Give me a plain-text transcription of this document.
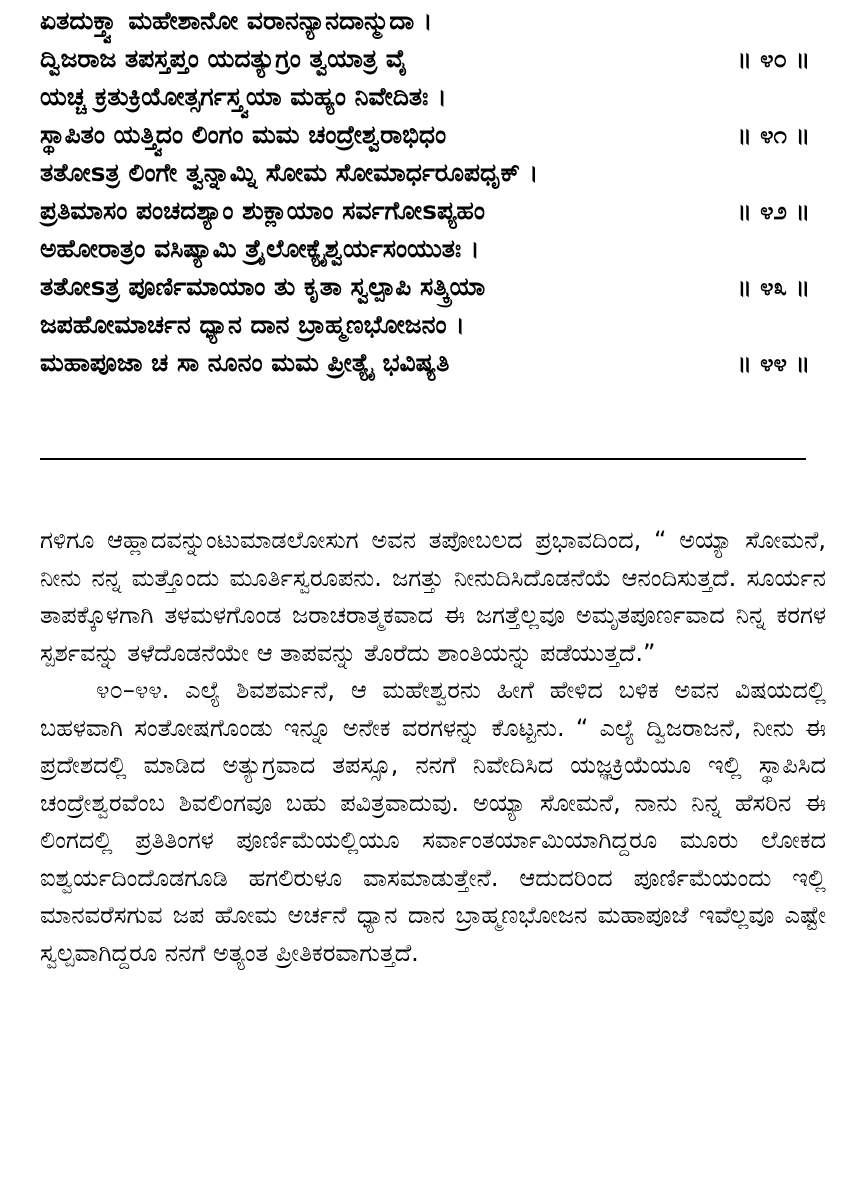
ಏತದುಕ್ತ್ವಾ ಮಹೇಶಾನೋ ವರಾನನ್ಯಾನದಾನ್ಮುದಾ ।
ದ್ವಿಜರಾಜ ತಪಸ್ತಪ್ತಂ ಯದತ್ಯುಗ್ರಂ ತ್ವಯಾತ್ರ ವೈ	॥ ೪೦ ॥
ಯಚ್ಚ ಕ್ರತುಕ್ರಿಯೋತ್ಸರ್ಗಸ್ತ್ವಯಾ ಮಹ್ಯಂ ನಿವೇದಿತಃ ।
ಸ್ಥಾಪಿತಂ ಯತ್ತ್ವಿದಂ ಲಿಂಗಂ ಮಮ ಚಂದ್ರೇಶ್ವರಾಭಿಧಂ	॥ ೪೧ ॥
ತತೋsತ್ರ ಲಿಂಗೇ ತ್ವನ್ನಾಮ್ನಿ ಸೋಮ ಸೋಮಾರ್ಧರೂಪಧೃಕ್ ।
ಪ್ರತಿಮಾಸಂ ಪಂಚದಶ್ಯಾಂ ಶುಕ್ಲಾಯಾಂ ಸರ್ವಗೋsಪ್ಯಹಂ	॥ ೪೨ ॥
ಅಹೋರಾತ್ರಂ ವಸಿಷ್ಯಾಮಿ ತ್ರೈಲೋಕ್ಯೈಶ್ವರ್ಯಸಂಯುತಃ ।
ತತೋsತ್ರ ಪೂರ್ಣಿಮಾಯಾಂ ತು ಕೃತಾ ಸ್ವಲ್ಪಾಪಿ ಸತ್ಕ್ರಿಯಾ	॥ ೪೩ ॥
ಜಪಹೋಮಾರ್ಚನ ಧ್ಯಾನ ದಾನ ಬ್ರಾಹ್ಮಣಭೋಜನಂ ।
ಮಹಾಪೂಜಾ ಚ ಸಾ ನೂನಂ ಮಮ ಪ್ರೀತ್ಯೈ ಭವಿಷ್ಯತಿ	॥ ೪೪ ॥

ಗಳಿಗೂ ಆಹ್ಲಾದವನ್ನುಂಟುಮಾಡಲೋಸುಗ ಅವನ ತಪೋಬಲದ ಪ್ರಭಾವದಿಂದ, “ ಅಯ್ಯಾ ಸೋಮನೆ, ನೀನು ನನ್ನ ಮತ್ತೊಂದು ಮೂರ್ತಿಸ್ವರೂಪನು. ಜಗತ್ತು ನೀನುದಿಸಿದೊಡನೆಯೆ ಆನಂದಿಸುತ್ತದೆ. ಸೂರ್ಯನ ತಾಪಕ್ಕೊಳಗಾಗಿ ತಳಮಳಗೊಂಡ ಜರಾಚರಾತ್ಮಕವಾದ ಈ ಜಗತ್ತೆಲ್ಲವೂ ಅಮೃತಪೂರ್ಣವಾದ ನಿನ್ನ ಕರಗಳ ಸ್ಪರ್ಶವನ್ನು ತಳೆದೊಡನೆಯೇ ಆ ತಾಪವನ್ನು ತೊರೆದು ಶಾಂತಿಯನ್ನು ಪಡೆಯುತ್ತದೆ.”

೪೦–೪೪. ಎಲ್ಯೆ ಶಿವಶರ್ಮನೆ, ಆ ಮಹೇಶ್ವರನು ಹೀಗೆ ಹೇಳಿದ ಬಳಿಕ ಅವನ ವಿಷಯದಲ್ಲಿ ಬಹಳವಾಗಿ ಸಂತೋಷಗೊಂಡು ಇನ್ನೂ ಅನೇಕ ವರಗಳನ್ನು ಕೊಟ್ಟನು. “ ಎಲ್ಯೆ ದ್ವಿಜರಾಜನೆ, ನೀನು ಈ ಪ್ರದೇಶದಲ್ಲಿ ಮಾಡಿದ ಅತ್ಯುಗ್ರವಾದ ತಪಸ್ಸೂ, ನನಗೆ ನಿವೇದಿಸಿದ ಯಜ್ಞಕ್ರಿಯೆಯೂ ಇಲ್ಲಿ ಸ್ಥಾಪಿಸಿದ ಚಂದ್ರೇಶ್ವರವೆಂಬ ಶಿವಲಿಂಗವೂ ಬಹು ಪವಿತ್ರವಾದುವು. ಅಯ್ಯಾ ಸೋಮನೆ, ನಾನು ನಿನ್ನ ಹೆಸರಿನ ಈ ಲಿಂಗದಲ್ಲಿ ಪ್ರತಿತಿಂಗಳ ಪೂರ್ಣಿಮೆಯಲ್ಲಿಯೂ ಸರ್ವಾಂತರ್ಯಾಮಿಯಾಗಿದ್ದರೂ ಮೂರು ಲೋಕದ ಐಶ್ವರ್ಯದಿಂದೊಡಗೂಡಿ ಹಗಲಿರುಳೂ ವಾಸಮಾಡುತ್ತೇನೆ. ಆದುದರಿಂದ ಪೂರ್ಣಿಮೆಯಂದು ಇಲ್ಲಿ ಮಾನವರೆಸಗುವ ಜಪ ಹೋಮ ಅರ್ಚನೆ ಧ್ಯಾನ ದಾನ ಬ್ರಾಹ್ಮಣಭೋಜನ ಮಹಾಪೂಜೆ ಇವೆಲ್ಲವೂ ಎಷ್ಟೇ ಸ್ವಲ್ಪವಾಗಿದ್ದರೂ ನನಗೆ ಅತ್ಯಂತ ಪ್ರೀತಿಕರವಾಗುತ್ತದೆ.
